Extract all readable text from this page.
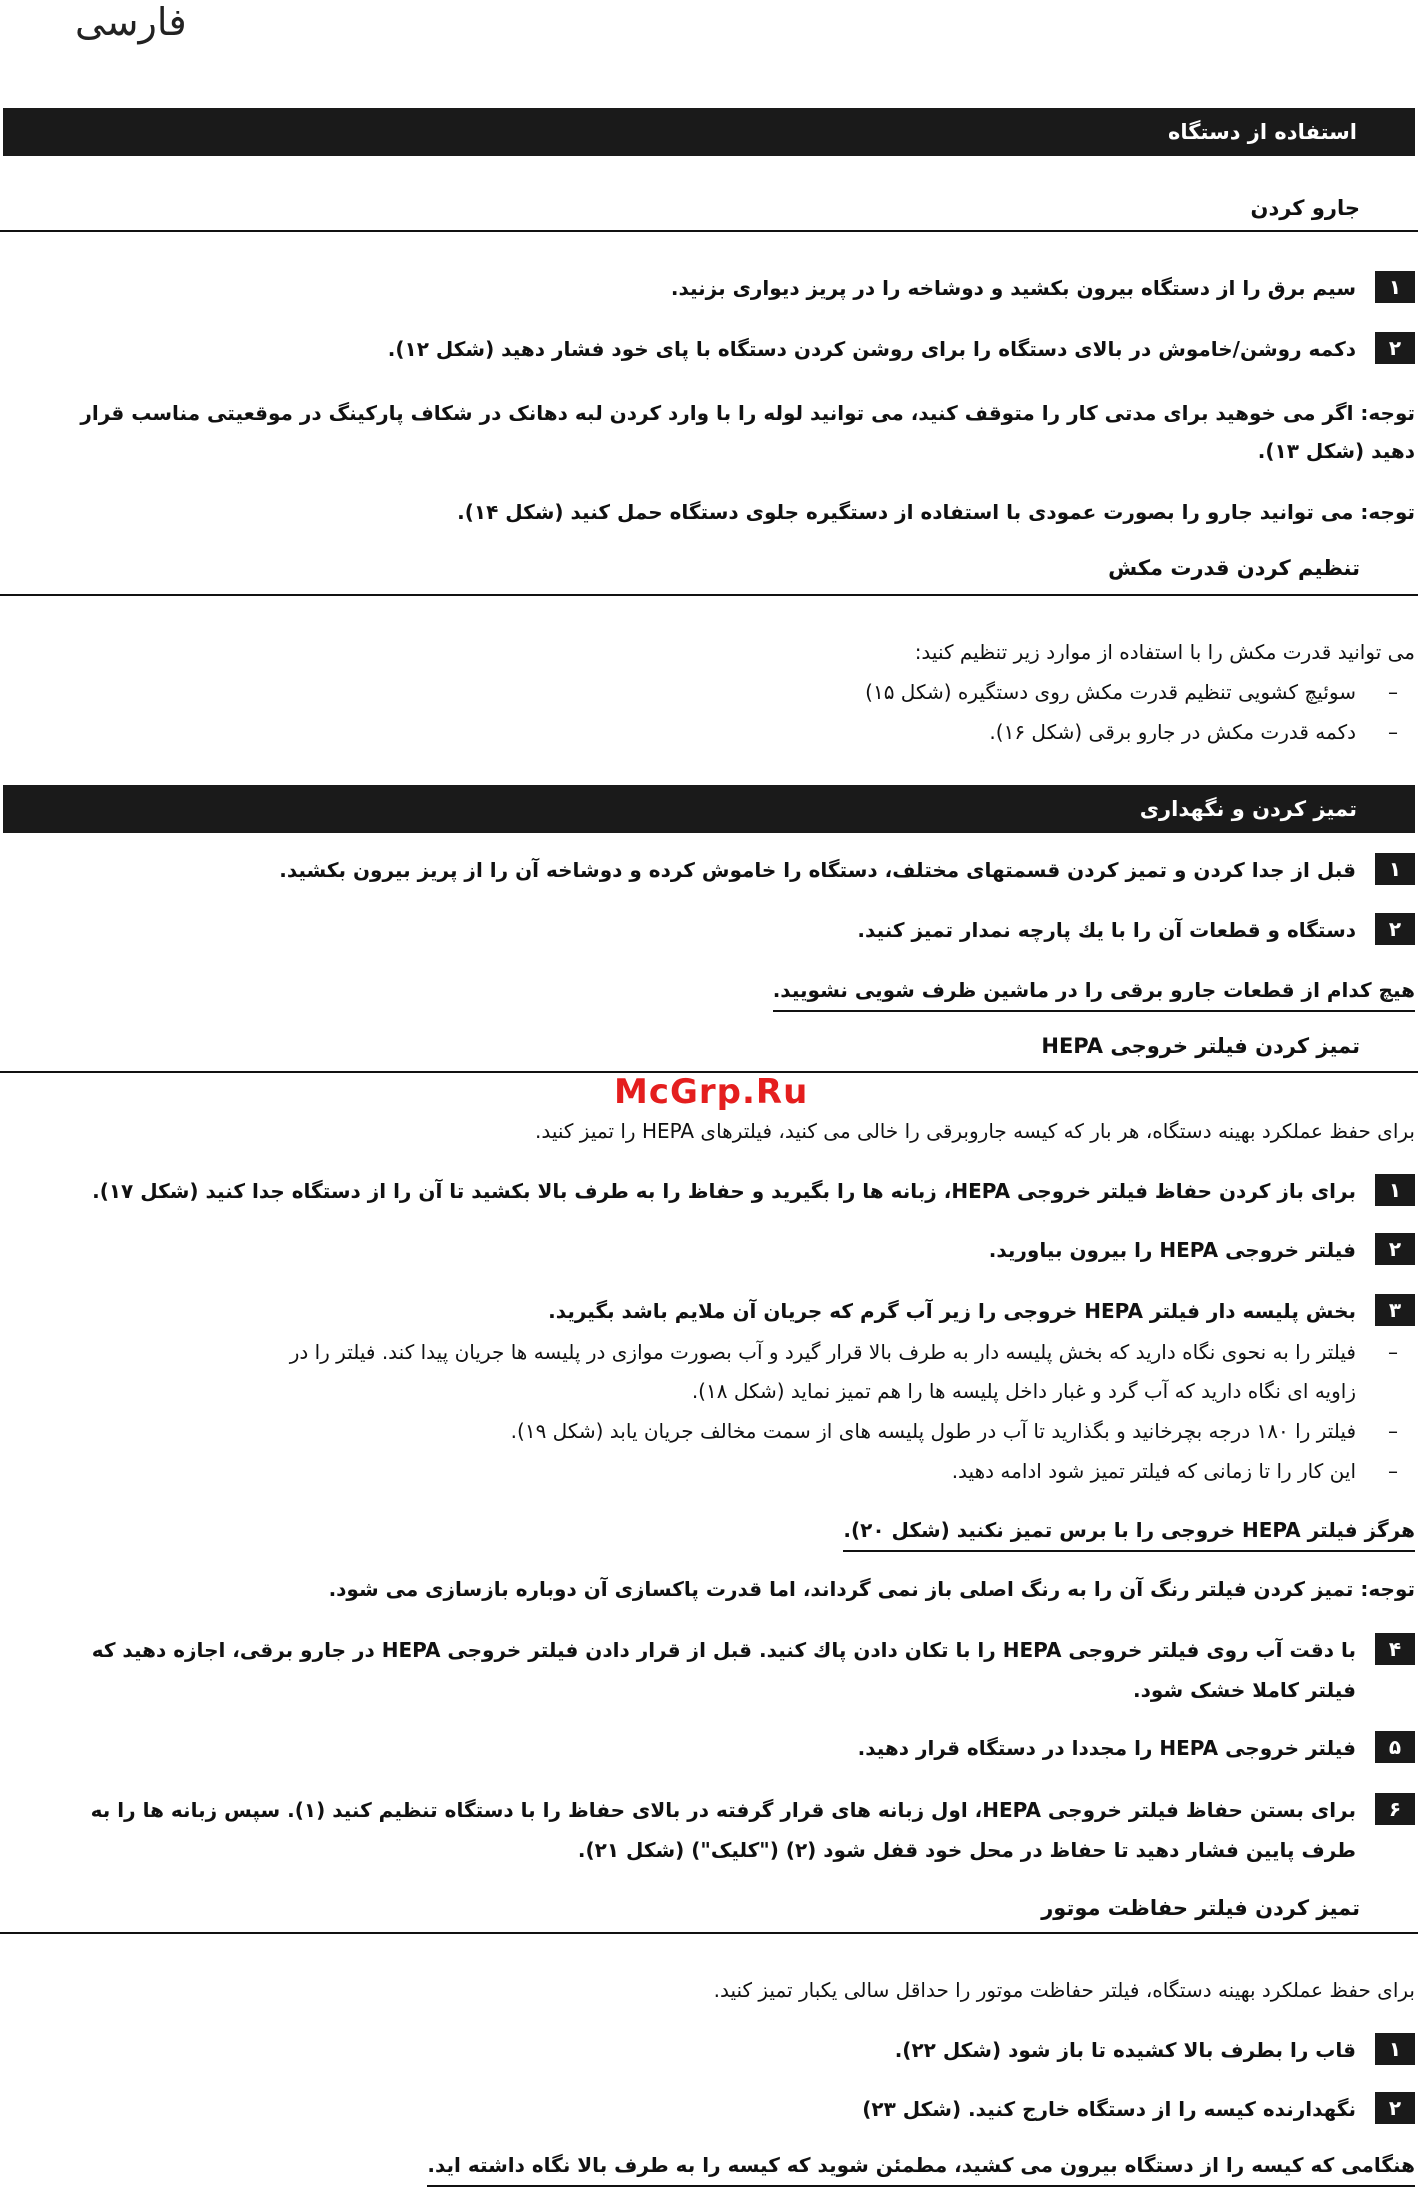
فارسی
استفاده از دستگاه
جارو کردن
۱
سیم برق را از دستگاه بیرون بکشید و دوشاخه را در پریز دیواری بزنید.
۲
دکمه روشن/خاموش در بالای دستگاه را برای روشن کردن دستگاه با پای خود فشار دهید (شکل ۱۲).
توجه: اگر می خوهید برای مدتی کار را متوقف کنید، می توانید لوله را با وارد کردن لبه دهانک در شکاف پارکینگ در موقعیتی مناسب قرار
دهید (شکل ۱۳).
توجه: می توانید جارو را بصورت عمودی با استفاده از دستگیره جلوی دستگاه حمل کنید (شکل ۱۴).
تنظیم کردن قدرت مکش
می توانید قدرت مکش را با استفاده از موارد زیر تنظیم کنید:
–
سوئیچ کشویی تنظیم قدرت مکش روی دستگیره (شکل ۱۵)
–
دکمه قدرت مکش در جارو برقی (شکل ۱۶).
تمیز کردن و نگهداری
۱
قبل از جدا کردن و تمیز کردن قسمتهای مختلف، دستگاه را خاموش کرده و دوشاخه آن را از پریز بیرون بکشید.
۲
دستگاه و قطعات آن را با یك پارچه نمدار تمیز كنید.
هیچ کدام از قطعات جارو برقی را در ماشین ظرف شویی نشویید.
تمیز کردن فیلتر خروجی HEPA
McGrp.Ru
برای حفظ عملکرد بهینه دستگاه، هر بار که کیسه جاروبرقی را خالی می کنید، فیلترهای HEPA را تمیز کنید.
۱
برای باز کردن حفاظ فیلتر خروجی HEPA، زبانه ها را بگیرید و حفاظ را به طرف بالا بکشید تا آن را از دستگاه جدا کنید (شکل ۱۷).
۲
فیلتر خروجی HEPA را بیرون بیاورید.
۳
بخش پلیسه دار فیلتر HEPA خروجی را زیر آب گرم که جریان آن ملایم باشد بگیرید.
–
فیلتر را به نحوی نگاه دارید که بخش پلیسه دار به طرف بالا قرار گیرد و آب بصورت موازی در پلیسه ها جریان پیدا کند. فیلتر را در
زاویه ای نگاه دارید که آب گرد و غبار داخل پلیسه ها را هم تمیز نماید (شکل ۱۸).
–
فیلتر را ۱۸۰ درجه بچرخانید و بگذارید تا آب در طول پلیسه های از سمت مخالف جریان یابد (شکل ۱۹).
–
این کار را تا زمانی که فیلتر تمیز شود ادامه دهید.
هرگز فیلتر HEPA خروجی را با برس تمیز نکنید (شکل ۲۰).
توجه: تمیز کردن فیلتر رنگ آن را به رنگ اصلی باز نمی گرداند، اما قدرت پاکسازی آن دوباره بازسازی می شود.
۴
با دقت آب روی فیلتر خروجی HEPA را با تکان دادن پاك كنید. قبل از قرار دادن فیلتر خروجی HEPA در جارو برقی، اجازه دهید که
فیلتر کاملا خشک شود.
۵
فیلتر خروجی HEPA را مجددا در دستگاه قرار دهید.
۶
برای بستن حفاظ فیلتر خروجی HEPA، اول زبانه های قرار گرفته در بالای حفاظ را با دستگاه تنظیم کنید (۱). سپس زبانه ها را به
طرف پایین فشار دهید تا حفاظ در محل خود قفل شود (۲) ("کلیک") (شکل ۲۱).
تمیز کردن فیلتر حفاظت موتور
برای حفظ عملکرد بهینه دستگاه، فیلتر حفاظت موتور را حداقل سالی یکبار تمیز کنید.
۱
قاب را بطرف بالا کشیده تا باز شود (شکل ۲۲).
۲
نگهدارنده کیسه را از دستگاه خارج کنید. (شکل ۲۳)
هنگامی که کیسه را از دستگاه بیرون می کشید، مطمئن شوید که کیسه را به طرف بالا نگاه داشته اید.
